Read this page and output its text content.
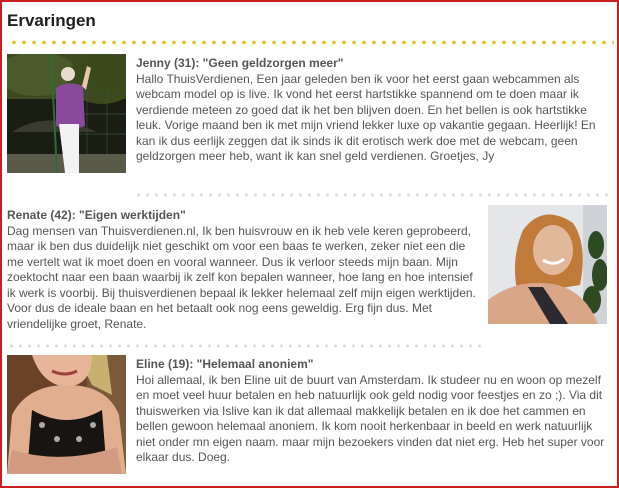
Ervaringen
Jenny (31): "Geen geldzorgen meer"

Hallo ThuisVerdienen, Een jaar geleden ben ik voor het eerst gaan webcammen als webcam model op is live. Ik vond het eerst hartstikke spannend om te doen maar ik verdiende meteen zo goed dat ik het ben blijven doen. En het bellen is ook hartstikke leuk. Vorige maand ben ik met mijn vriend lekker luxe op vakantie gegaan. Heerlijk! En kan ik dus eerlijk zeggen dat ik sinds ik dit erotisch werk doe met de webcam, geen geldzorgen meer heb, want ik kan snel geld verdienen. Groetjes, Jy

Renate (42): "Eigen werktijden"

Dag mensen van Thuisverdienen.nl, Ik ben huisvrouw en ik heb vele keren geprobeerd, maar ik ben dus duidelijk niet geschikt om voor een baas te werken, zeker niet een die me vertelt wat ik moet doen en vooral wanneer. Dus ik verloor steeds mijn baan. Mijn zoektocht naar een baan waarbij ik zelf kon bepalen wanneer, hoe lang en hoe intensief ik werk is voorbij. Bij thuisverdienen bepaal ik lekker helemaal zelf mijn eigen werktijden. Voor dus de ideale baan en het betaalt ook nog eens geweldig. Erg fijn dus. Met vriendelijke groet, Renate.

Eline (19): "Helemaal anoniem"

Hoi allemaal, ik ben Eline uit de buurt van Amsterdam. Ik studeer nu en woon op mezelf en moet veel huur betalen en heb natuurlijk ook geld nodig voor feestjes en zo ;). Via dit thuiswerken via Islive kan ik dat allemaal makkelijk betalen en ik doe het cammen en bellen gewoon helemaal anoniem. Ik kom nooit herkenbaar in beeld en werk natuurlijk niet onder mn eigen naam. maar mijn bezoekers vinden dat niet erg. Heb het super voor elkaar dus. Doeg.
